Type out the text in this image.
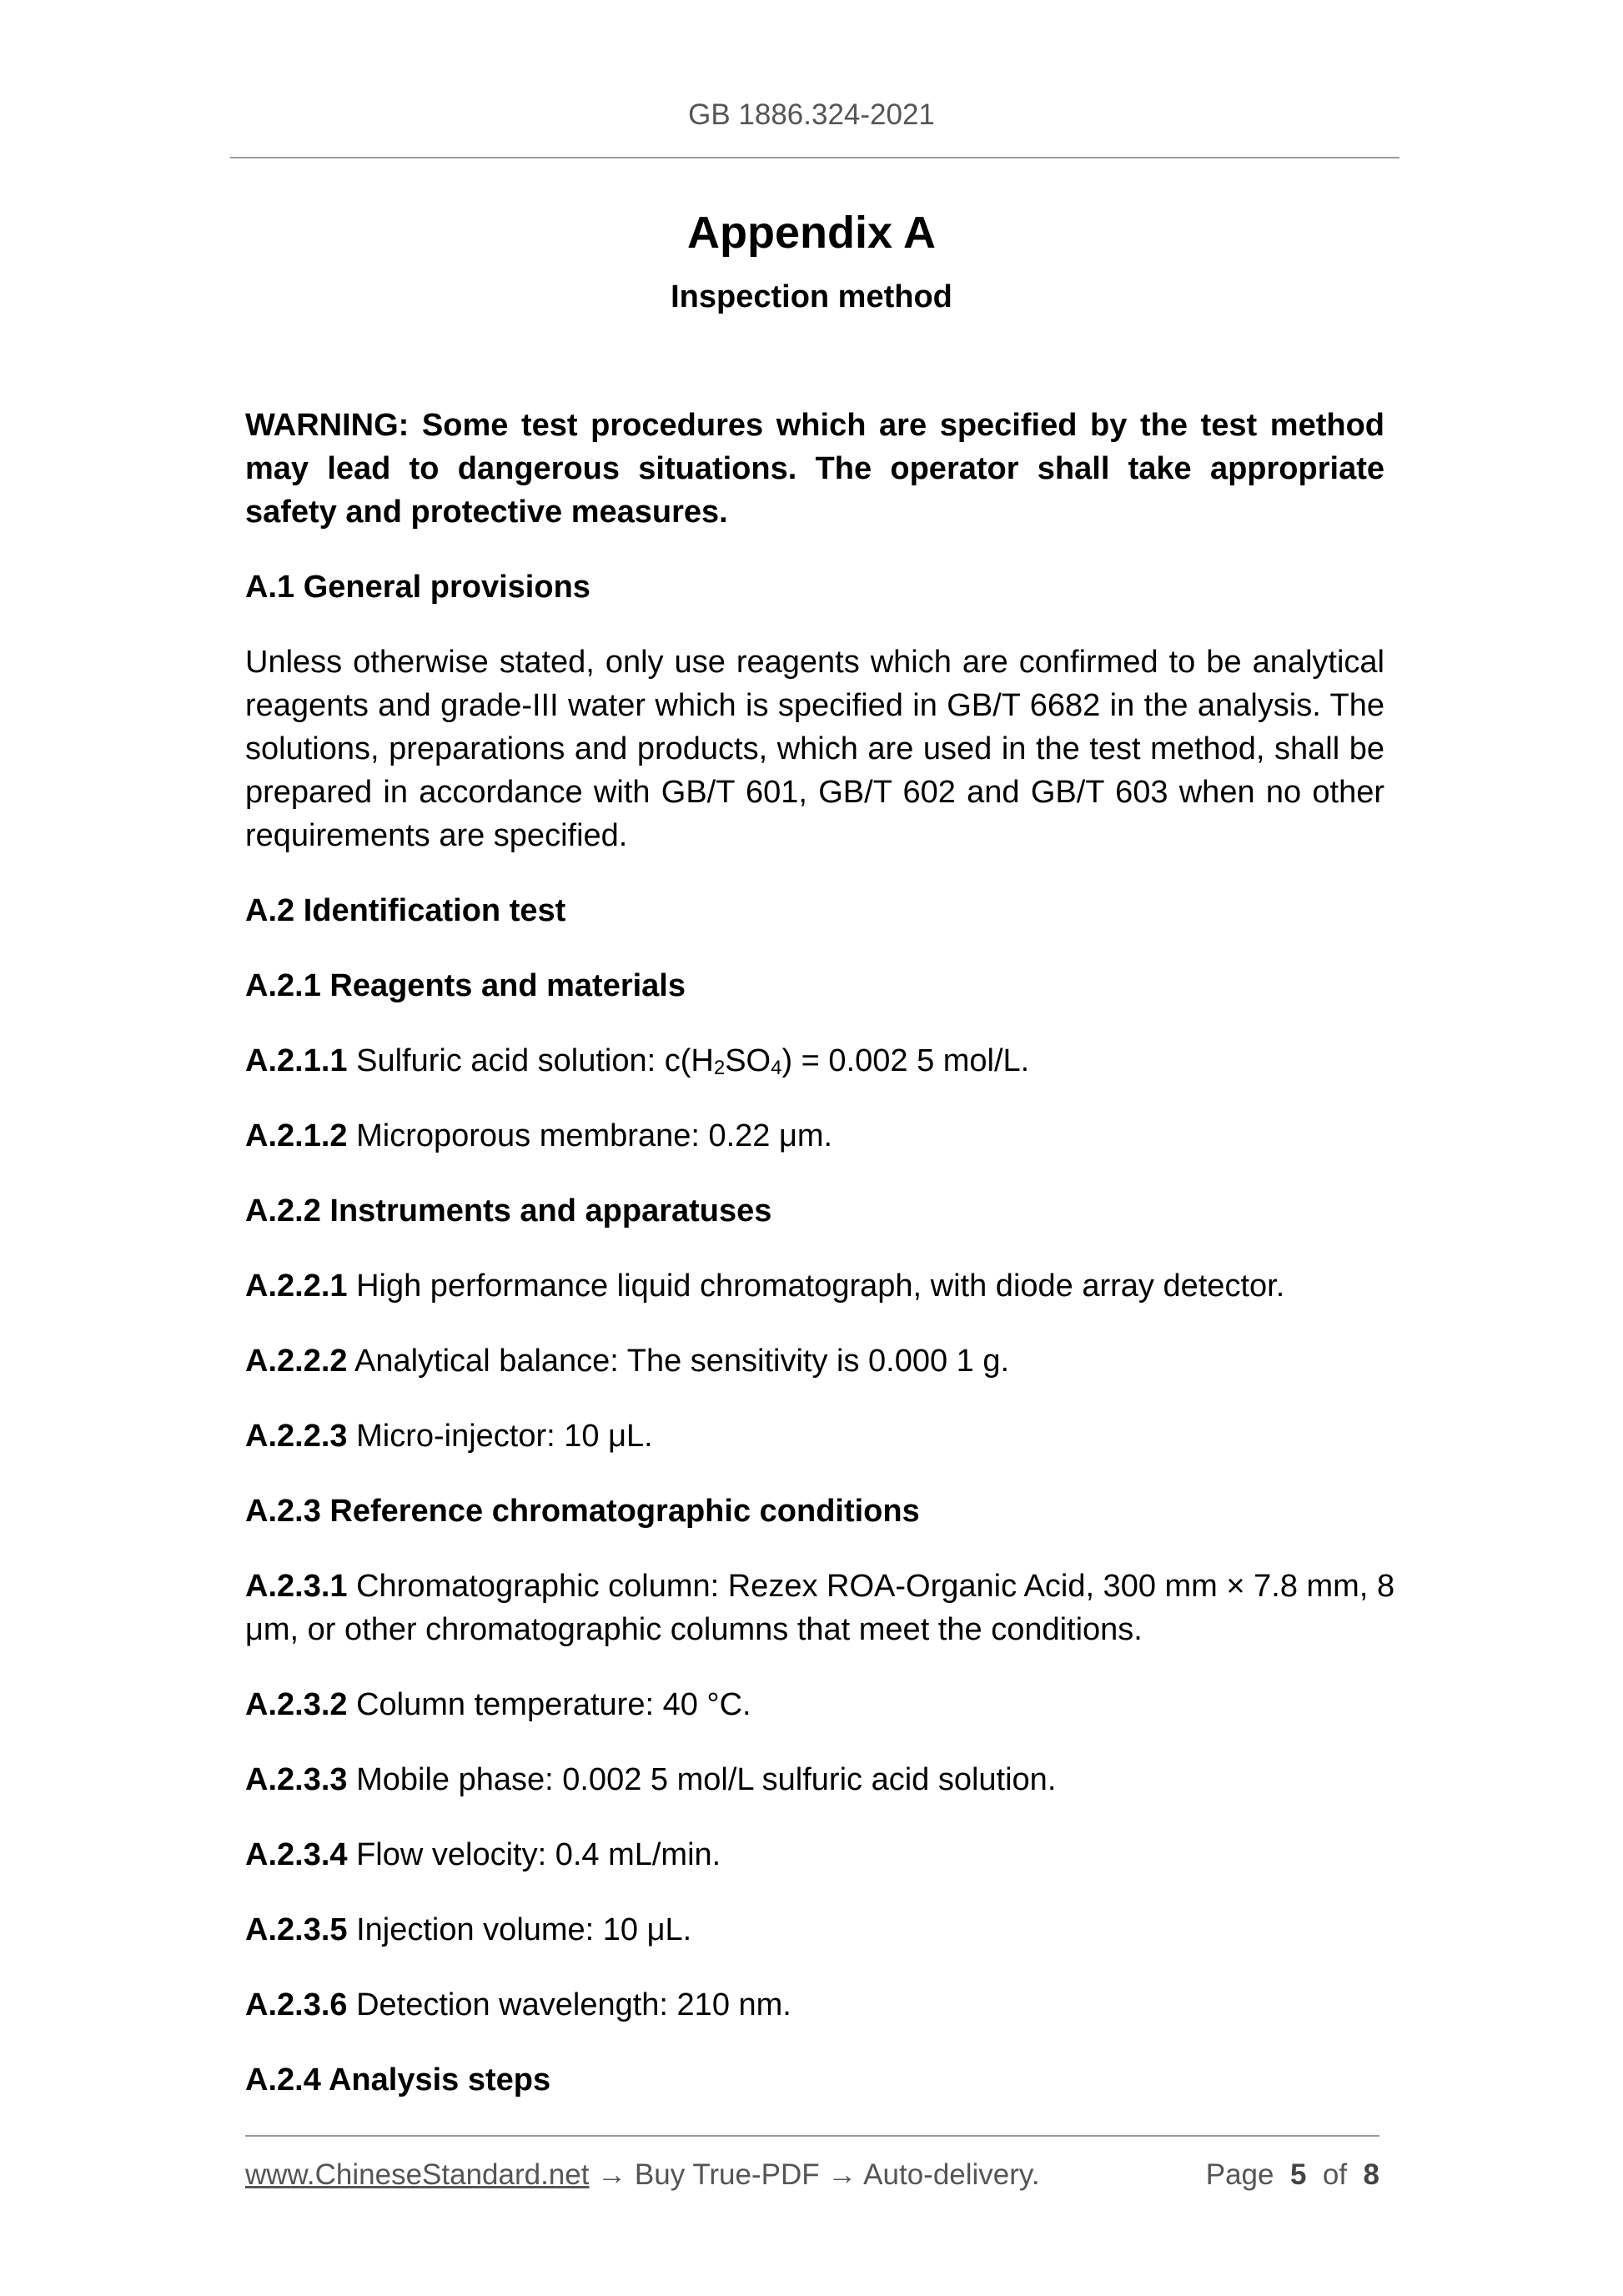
GB 1886.324-2021
Appendix A
Inspection method

WARNING: Some test procedures which are specified by the test method may lead to dangerous situations. The operator shall take appropriate safety and protective measures.

A.1 General provisions

Unless otherwise stated, only use reagents which are confirmed to be analytical reagents and grade-III water which is specified in GB/T 6682 in the analysis. The solutions, preparations and products, which are used in the test method, shall be prepared in accordance with GB/T 601, GB/T 602 and GB/T 603 when no other requirements are specified.

A.2 Identification test

A.2.1 Reagents and materials

A.2.1.1 Sulfuric acid solution: $c(H_2SO_4) = 0.002$ 5 mol/L.

A.2.1.2 Microporous membrane: 0.22 μm.

A.2.2 Instruments and apparatuses

A.2.2.1 High performance liquid chromatograph, with diode array detector.

A.2.2.2 Analytical balance: The sensitivity is 0.000 1 g.

A.2.2.3 Micro-injector: 10 μL.

A.2.3 Reference chromatographic conditions

A.2.3.1 Chromatographic column: Rezex ROA-Organic Acid, 300 mm × 7.8 mm, 8 μm, or other chromatographic columns that meet the conditions.

A.2.3.2 Column temperature: 40 °C.

A.2.3.3 Mobile phase: 0.002 5 mol/L sulfuric acid solution.

A.2.3.4 Flow velocity: 0.4 mL/min.

A.2.3.5 Injection volume: 10 μL.

A.2.3.6 Detection wavelength: 210 nm.

A.2.4 Analysis steps

www.ChineseStandard.net → Buy True-PDF → Auto-delivery.	Page 5 of 8
